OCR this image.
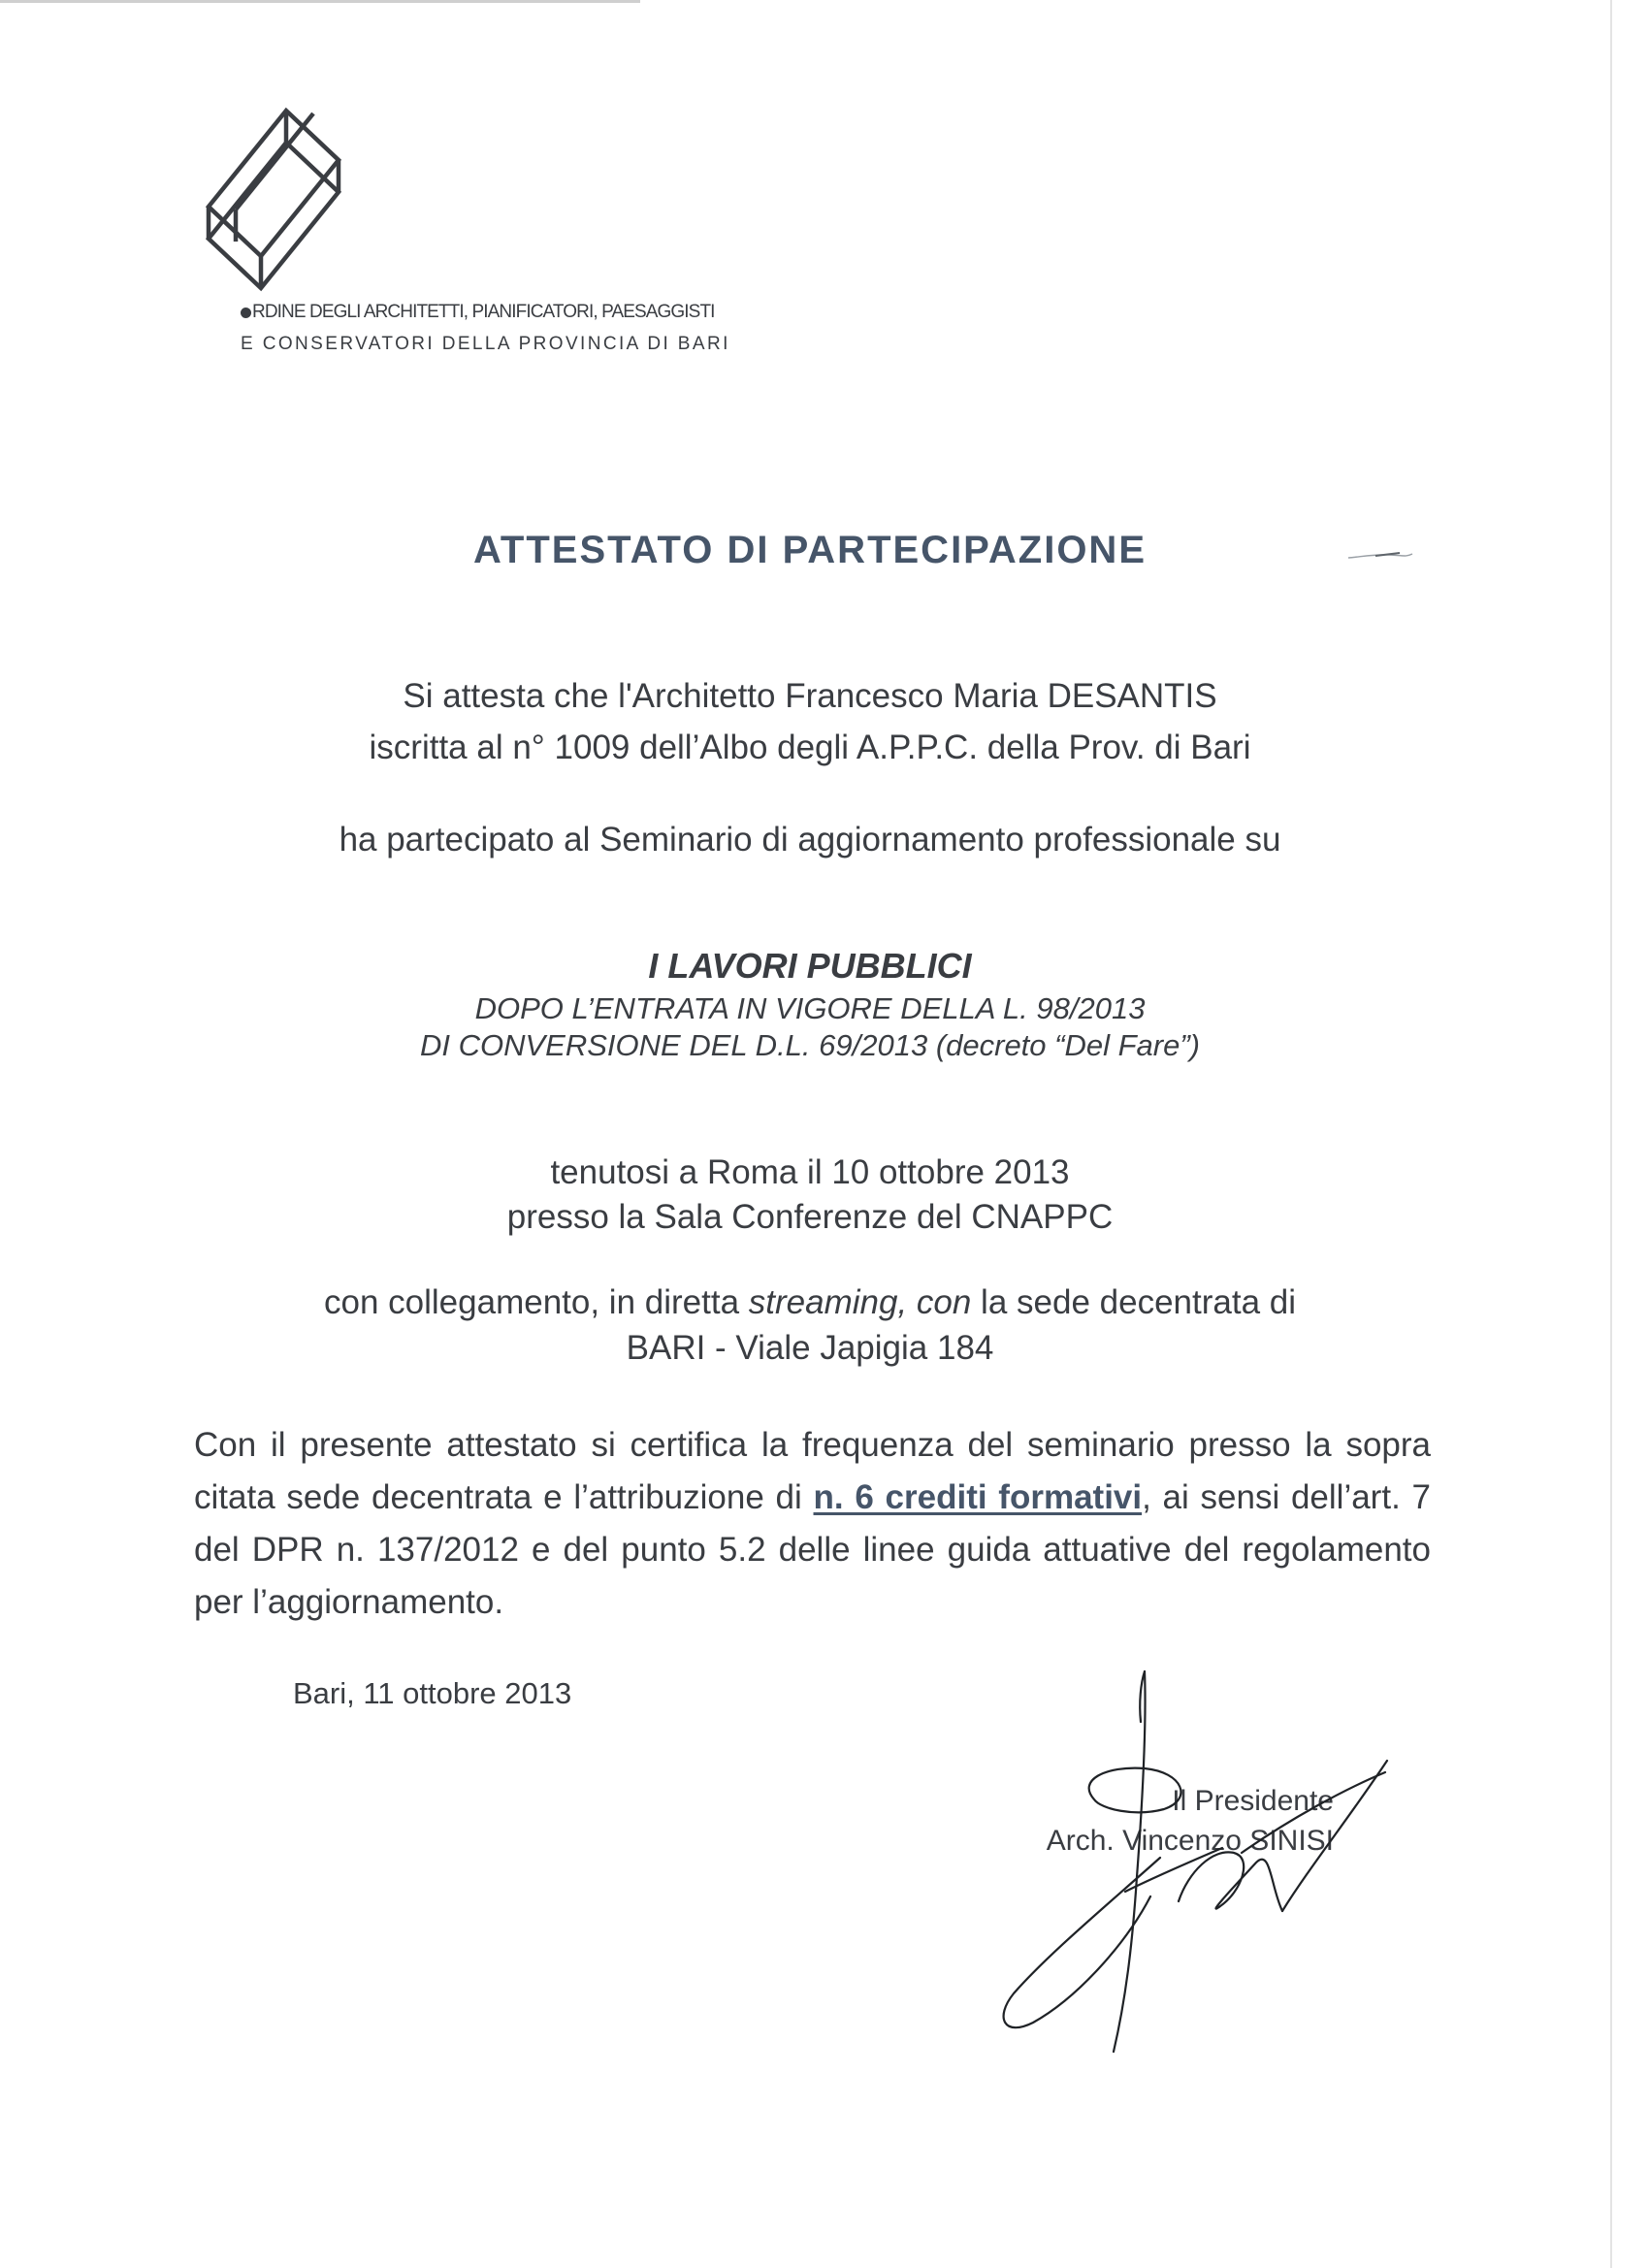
RDINE DEGLI ARCHITETTI, PIANIFICATORI, PAESAGGISTI
E CONSERVATORI DELLA PROVINCIA DI BARI
ATTESTATO DI PARTECIPAZIONE
Si attesta che l'Architetto Francesco Maria DESANTIS
iscritta al n° 1009 dell’Albo degli A.P.P.C. della Prov. di Bari
ha partecipato al Seminario di aggiornamento professionale su
I LAVORI PUBBLICI
DOPO L’ENTRATA IN VIGORE DELLA L. 98/2013
DI CONVERSIONE DEL D.L. 69/2013 (decreto “Del Fare”)
tenutosi a Roma il 10 ottobre 2013
presso la Sala Conferenze del CNAPPC
con collegamento, in diretta streaming, con la sede decentrata di
BARI - Viale Japigia 184
Con il presente attestato si certifica la frequenza del seminario presso la sopra citata sede decentrata e l’attribuzione di n. 6 crediti formativi, ai sensi dell’art. 7 del DPR n. 137/2012 e del punto 5.2 delle linee guida attuative del regolamento per l’aggiornamento.
Bari, 11 ottobre 2013
Il Presidente
Arch. Vincenzo SINISI
